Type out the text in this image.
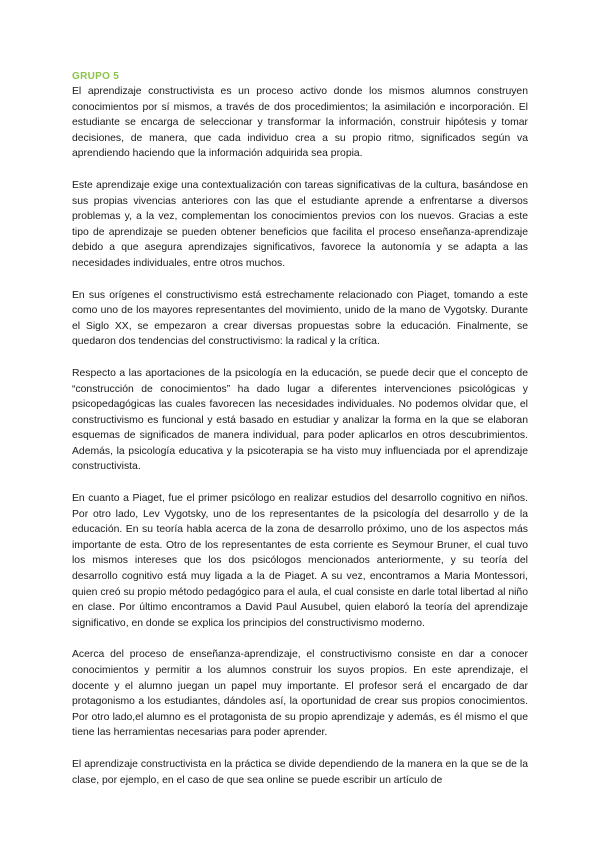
GRUPO 5

El aprendizaje constructivista es un proceso activo donde los mismos alumnos construyen conocimientos por sí mismos, a través de dos procedimientos; la asimilación e incorporación. El estudiante se encarga de seleccionar y transformar la información, construir hipótesis y tomar decisiones, de manera, que cada individuo crea a su propio ritmo, significados según va aprendiendo haciendo que la información adquirida sea propia.

Este aprendizaje exige una contextualización con tareas significativas de la cultura, basándose en sus propias vivencias anteriores con las que el estudiante aprende a enfrentarse a diversos problemas y, a la vez, complementan los conocimientos previos con los nuevos. Gracias a este tipo de aprendizaje se pueden obtener beneficios que facilita el proceso enseñanza-aprendizaje debido a que asegura aprendizajes significativos, favorece la autonomía y se adapta a las necesidades individuales, entre otros muchos.

En sus orígenes el constructivismo está estrechamente relacionado con Piaget, tomando a este como uno de los mayores representantes del movimiento, unido de la mano de Vygotsky. Durante el Siglo XX, se empezaron a crear diversas propuestas sobre la educación. Finalmente, se quedaron dos tendencias del constructivismo: la radical y la crítica.

Respecto a las aportaciones de la psicología en la educación, se puede decir que el concepto de “construcción de conocimientos” ha dado lugar a diferentes intervenciones psicológicas y psicopedagógicas las cuales favorecen las necesidades individuales. No podemos olvidar que, el constructivismo es funcional y está basado en estudiar y analizar la forma en la que se elaboran esquemas de significados de manera individual, para poder aplicarlos en otros descubrimientos. Además, la psicología educativa y la psicoterapia se ha visto muy influenciada por el aprendizaje constructivista.

En cuanto a Piaget, fue el primer psicólogo en realizar estudios del desarrollo cognitivo en niños. Por otro lado, Lev Vygotsky, uno de los representantes de la psicología del desarrollo y de la educación. En su teoría habla acerca de la zona de desarrollo próximo, uno de los aspectos más importante de esta. Otro de los representantes de esta corriente es Seymour Bruner, el cual tuvo los mismos intereses que los dos psicólogos mencionados anteriormente, y su teoría del desarrollo cognitivo está muy ligada a la de Piaget. A su vez, encontramos a Maria Montessori, quien creó su propio método pedagógico para el aula, el cual consiste en darle total libertad al niño en clase. Por último encontramos a David Paul Ausubel, quien elaboró la teoría del aprendizaje significativo, en donde se explica los principios del constructivismo moderno.

Acerca del proceso de enseñanza-aprendizaje, el constructivismo consiste en dar a conocer conocimientos y permitir a los alumnos construir los suyos propios. En este aprendizaje, el docente y el alumno juegan un papel muy importante. El profesor será el encargado de dar protagonismo a los estudiantes, dándoles así, la oportunidad de crear sus propios conocimientos. Por otro lado,el alumno es el protagonista de su propio aprendizaje y además, es él mismo el que tiene las herramientas necesarias para poder aprender.

El aprendizaje constructivista en la práctica se divide dependiendo de la manera en la que se de la clase, por ejemplo, en el caso de que sea online se puede escribir un artículo de
